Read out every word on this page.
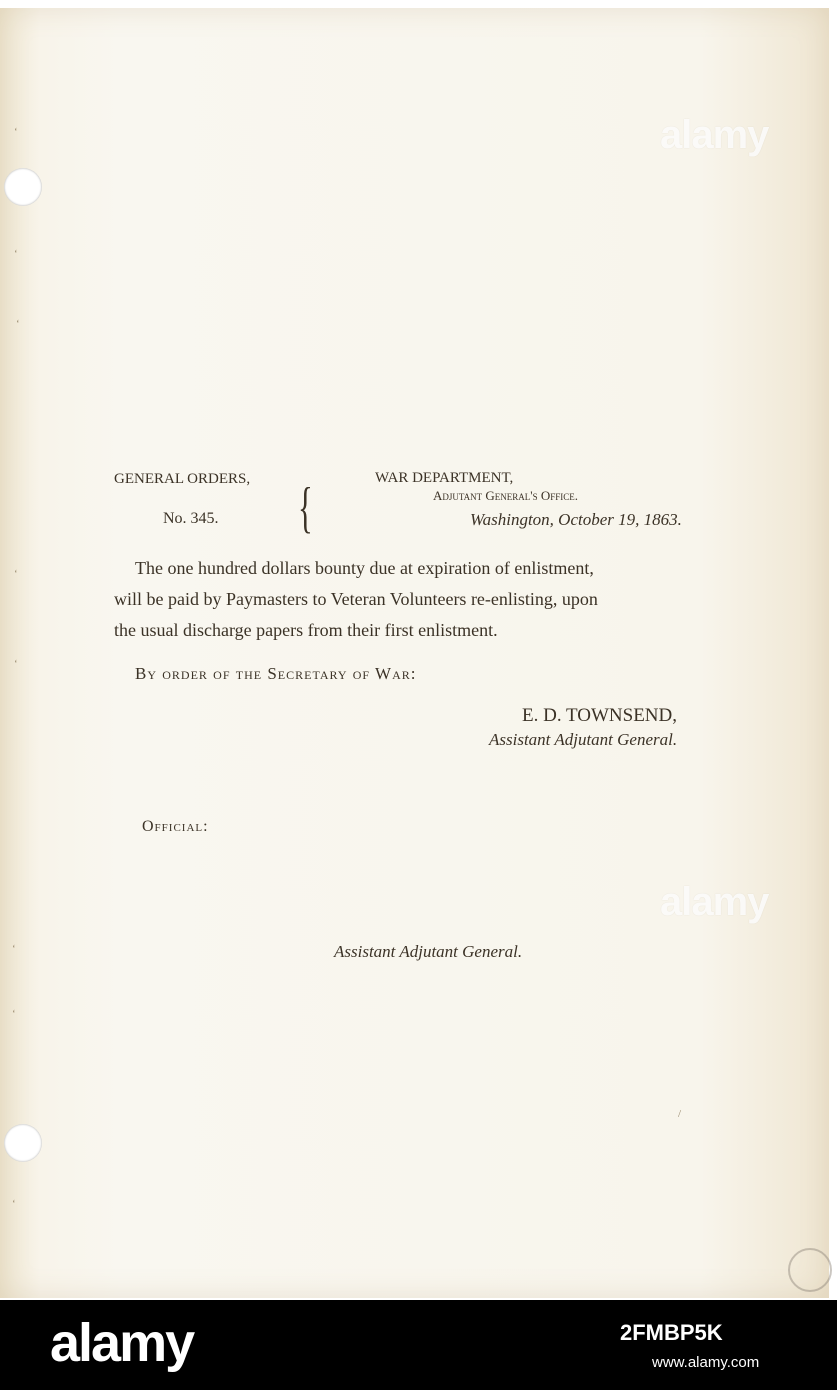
‘
‘
‘
‘
‘
‘
‘
‘
/
alamy
alamy
GENERAL ORDERS,
No. 345. {	WAR DEPARTMENT,
Adjutant General's Office.
Washington, October 19, 1863.
The one hundred dollars bounty due at expiration of enlistment,
will be paid by Paymasters to Veteran Volunteers re-enlisting, upon
the usual discharge papers from their first enlistment.
By order of the Secretary of War:
E. D. TOWNSEND,
Assistant Adjutant General.
Official:
Assistant Adjutant General.
alamy	2FMBP5K
www.alamy.com
